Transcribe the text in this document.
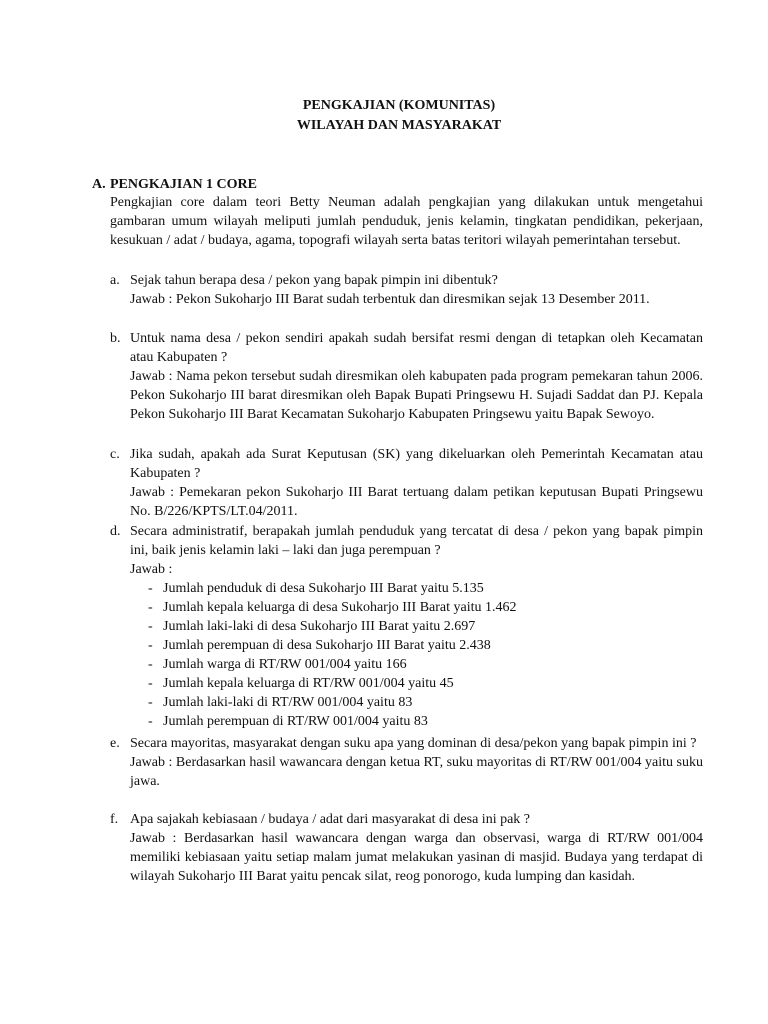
PENGKAJIAN (KOMUNITAS)
WILAYAH DAN MASYARAKAT
A. PENGKAJIAN 1 CORE

Pengkajian core dalam teori Betty Neuman adalah pengkajian yang dilakukan untuk mengetahui gambaran umum wilayah meliputi jumlah penduduk, jenis kelamin, tingkatan pendidikan, pekerjaan, kesukuan / adat / budaya, agama, topografi wilayah serta batas teritori wilayah pemerintahan tersebut.

a. Sejak tahun berapa desa / pekon yang bapak pimpin ini dibentuk?

Jawab : Pekon Sukoharjo III Barat sudah terbentuk dan diresmikan sejak 13 Desember 2011.

b. Untuk nama desa / pekon sendiri apakah sudah bersifat resmi dengan di tetapkan oleh Kecamatan atau Kabupaten ?

Jawab : Nama pekon tersebut sudah diresmikan oleh kabupaten pada program pemekaran tahun 2006. Pekon Sukoharjo III barat diresmikan oleh Bapak Bupati Pringsewu H. Sujadi Saddat dan PJ. Kepala Pekon Sukoharjo III Barat Kecamatan Sukoharjo Kabupaten Pringsewu yaitu Bapak Sewoyo.

c. Jika sudah, apakah ada Surat Keputusan (SK) yang dikeluarkan oleh Pemerintah Kecamatan atau Kabupaten ?

Jawab : Pemekaran pekon Sukoharjo III Barat tertuang dalam petikan keputusan Bupati Pringsewu No. B/226/KPTS/LT.04/2011.

d. Secara administratif, berapakah jumlah penduduk yang tercatat di desa / pekon yang bapak pimpin ini, baik jenis kelamin laki – laki dan juga perempuan ?

Jawab :

- Jumlah penduduk di desa Sukoharjo III Barat yaitu 5.135
- Jumlah kepala keluarga di desa Sukoharjo III Barat yaitu 1.462
- Jumlah laki-laki di desa Sukoharjo III Barat yaitu 2.697
- Jumlah perempuan di desa Sukoharjo III Barat yaitu 2.438
- Jumlah warga di RT/RW 001/004 yaitu 166
- Jumlah kepala keluarga di RT/RW 001/004 yaitu 45
- Jumlah laki-laki di RT/RW 001/004 yaitu 83
- Jumlah perempuan di RT/RW 001/004 yaitu 83
e. Secara mayoritas, masyarakat dengan suku apa yang dominan di desa/pekon yang bapak pimpin ini ?

Jawab : Berdasarkan hasil wawancara dengan ketua RT, suku mayoritas di RT/RW 001/004 yaitu suku jawa.

f. Apa sajakah kebiasaan / budaya / adat dari masyarakat di desa ini pak ?

Jawab : Berdasarkan hasil wawancara dengan warga dan observasi, warga di RT/RW 001/004 memiliki kebiasaan yaitu setiap malam jumat melakukan yasinan di masjid. Budaya yang terdapat di wilayah Sukoharjo III Barat yaitu pencak silat, reog ponorogo, kuda lumping dan kasidah.
